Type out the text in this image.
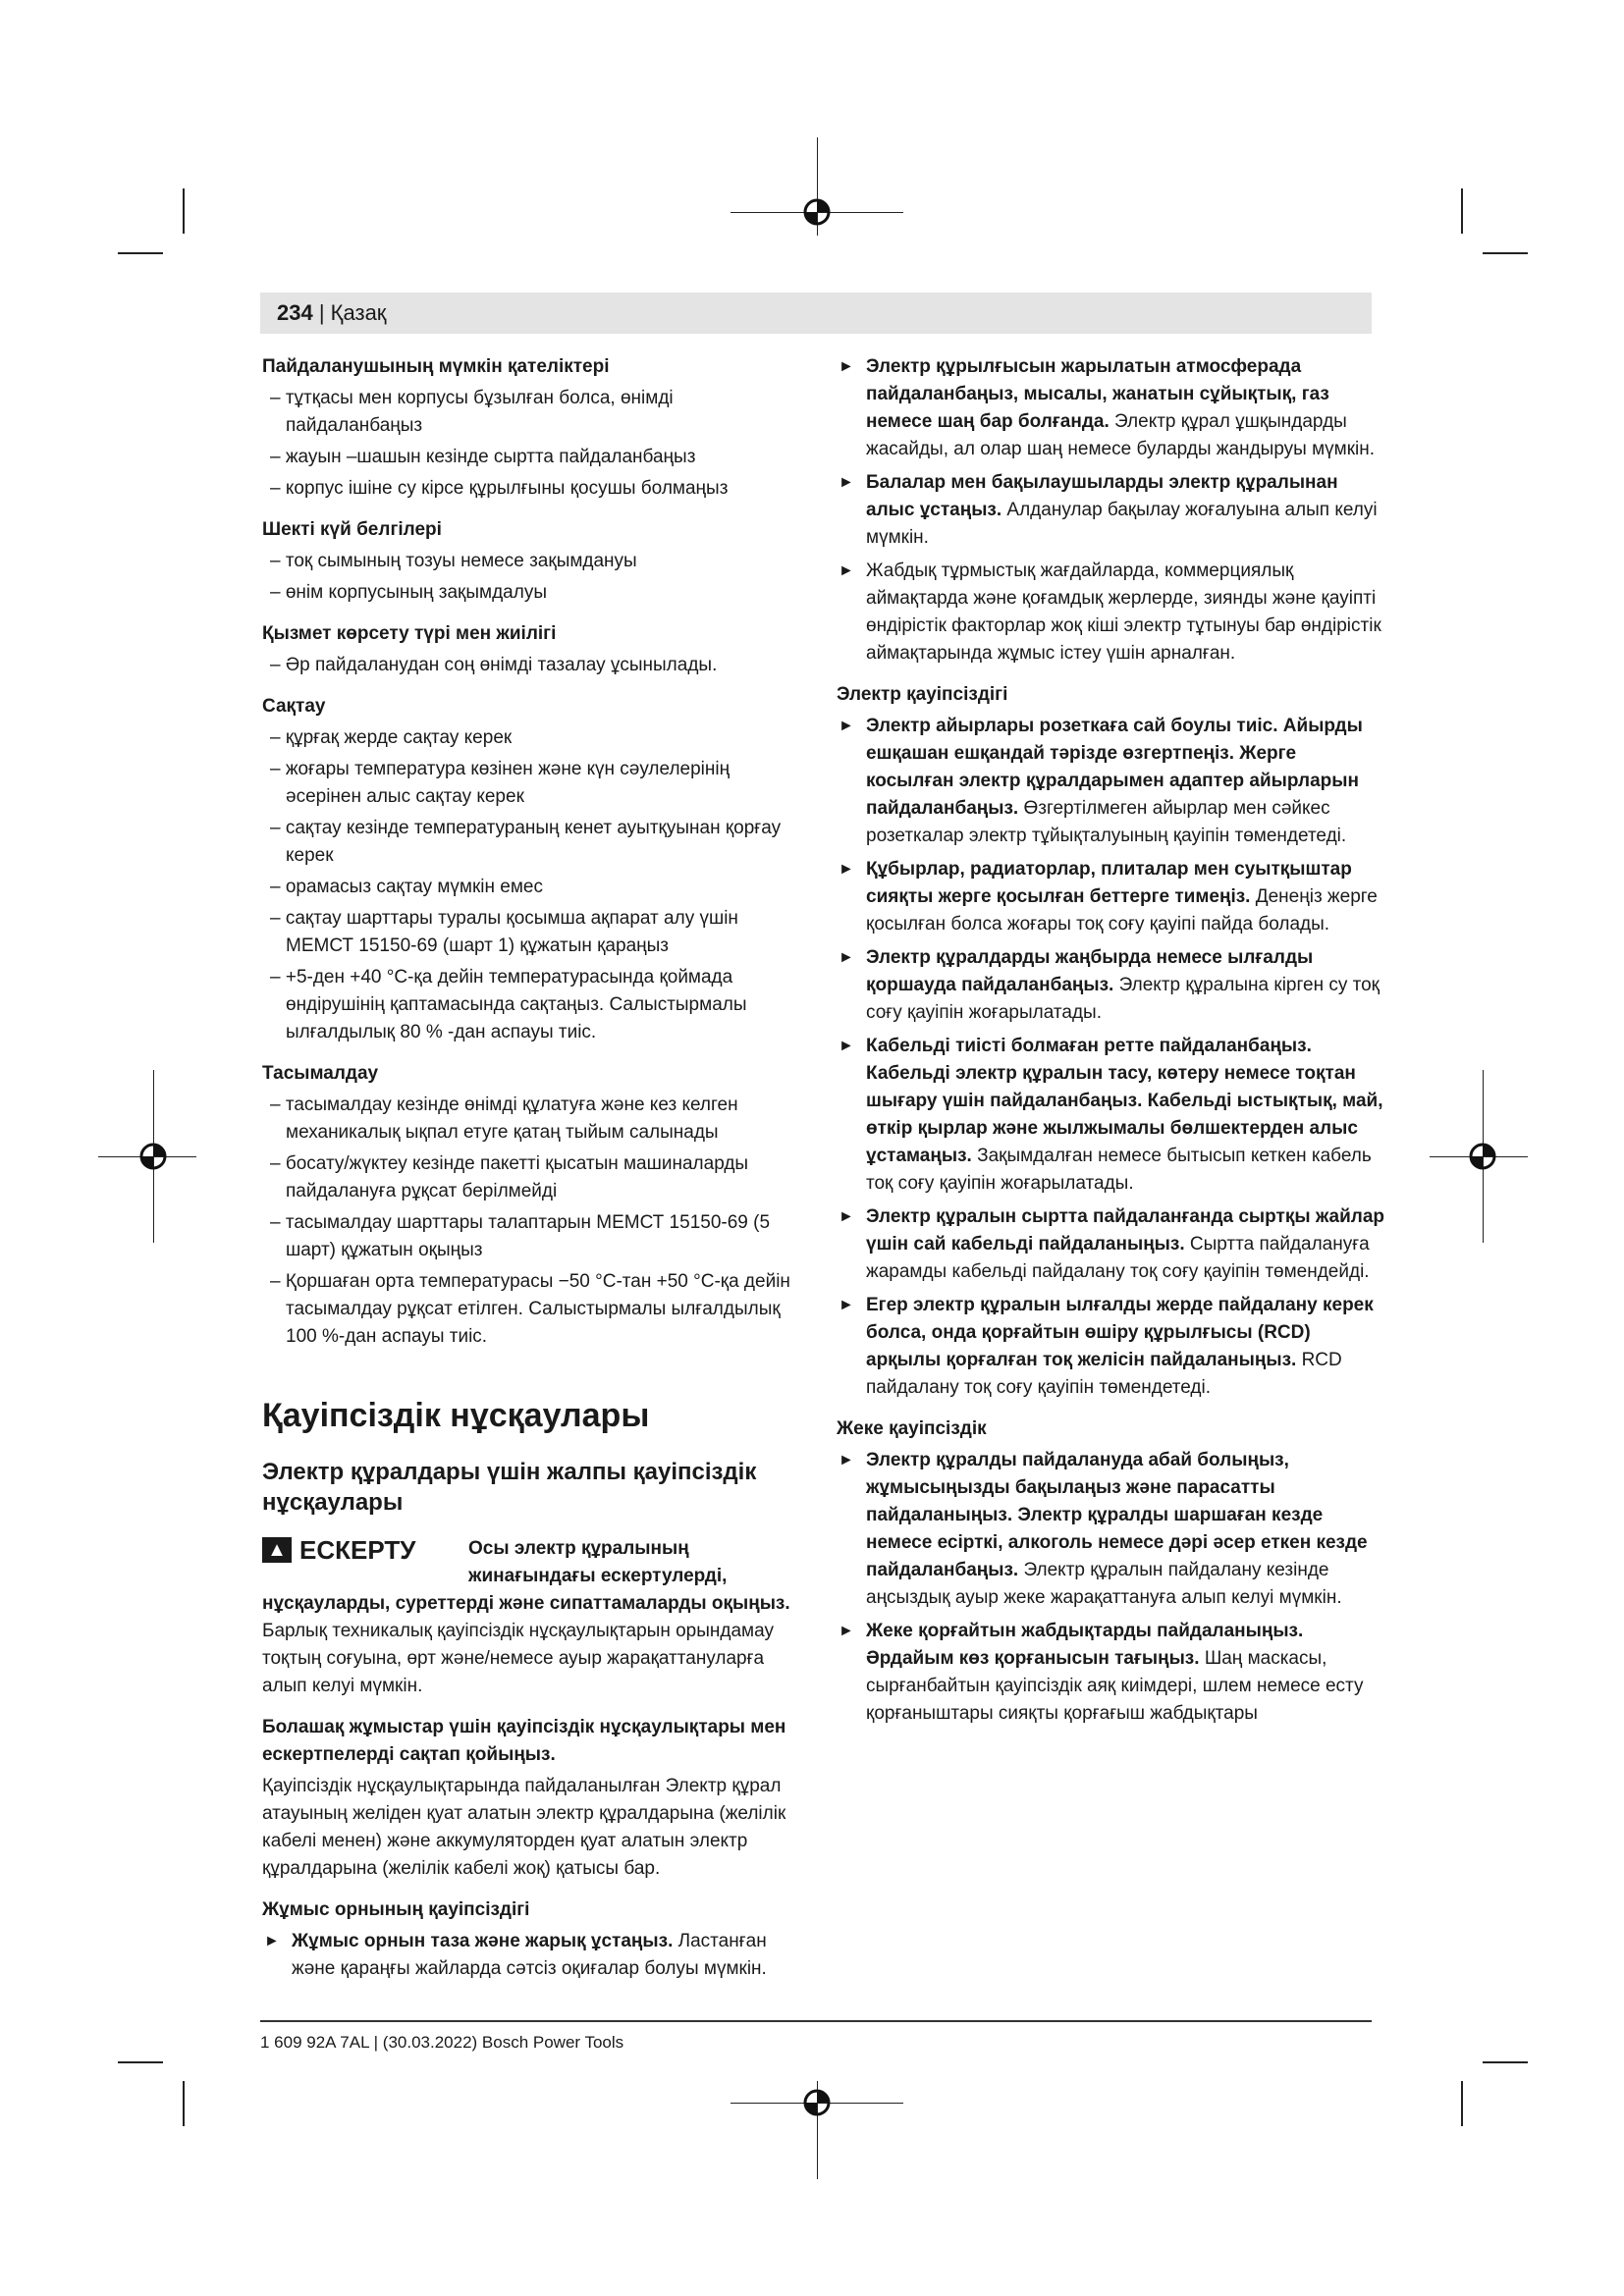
234 | Қазақ
Пайдаланушының мүмкін қателіктері
– тұтқасы мен корпусы бұзылған болса, өнімді пайдаланбаңыз
– жауын –шашын кезінде сыртта пайдаланбаңыз
– корпус ішіне су кірсе құрылғыны қосушы болмаңыз
Шекті күй белгілері
– тоқ сымының тозуы немесе зақымдануы
– өнім корпусының зақымдалуы
Қызмет көрсету түрі мен жиілігі
– Әр пайдаланудан соң өнімді тазалау ұсынылады.
Сақтау
– құрғақ жерде сақтау керек
– жоғары температура көзінен және күн сәулелерінің әсерінен алыс сақтау керек
– сақтау кезінде температураның кенет ауытқуынан қорғау керек
– орамасыз сақтау мүмкін емес
– сақтау шарттары туралы қосымша ақпарат алу үшін МЕМСТ 15150-69 (шарт 1) құжатын қараңыз
– +5-ден +40 °C-қа дейін температурасында қоймада өндірушінің қаптамасында сақтаңыз. Салыстырмалы ылғалдылық 80 % -дан аспауы тиіс.
Тасымалдау
– тасымалдау кезінде өнімді құлатуға және кез келген механикалық ықпал етуге қатаң тыйым салынады
– босату/жүктеу кезінде пакетті қысатын машиналарды пайдалануға рұқсат берілмейді
– тасымалдау шарттары талаптарын МЕМСТ 15150-69 (5 шарт) құжатын оқыңыз
– Қоршаған орта температурасы −50 °C-тан +50 °C-қа дейін тасымалдау рұқсат етілген. Салыстырмалы ылғалдылық 100 %-дан аспауы тиіс.
Қауіпсіздік нұсқаулары
Электр құралдары үшін жалпы қауіпсіздік нұсқаулары
▲ ЕСКЕРТУ	Осы электр құралының жинағындағы ескертулерді,
нұсқауларды, суреттерді және сипаттамаларды оқыңыз. Барлық техникалық қауіпсіздік нұсқаулықтарын орындамау тоқтың соғуына, өрт және/немесе ауыр жарақаттануларға алып келуі мүмкін.
Болашақ жұмыстар үшін қауіпсіздік нұсқаулықтары мен ескертпелерді сақтап қойыңыз.
Қауіпсіздік нұсқаулықтарында пайдаланылған Электр құрал атауының желіден қуат алатын электр құралдарына (желілік кабелі менен) және аккумуляторден қуат алатын электр құралдарына (желілік кабелі жоқ) қатысы бар.
Жұмыс орнының қауіпсіздігі
► Жұмыс орнын таза және жарық ұстаңыз. Ластанған және қараңғы жайларда сәтсіз оқиғалар болуы мүмкін.
► Электр құрылғысын жарылатын атмосферада пайдаланбаңыз, мысалы, жанатын сұйықтық, газ немесе шаң бар болғанда. Электр құрал ұшқындарды жасайды, ал олар шаң немесе буларды жандыруы мүмкін.
► Балалар мен бақылаушыларды электр құралынан алыс ұстаңыз. Алданулар бақылау жоғалуына алып келуі мүмкін.
► Жабдық тұрмыстық жағдайларда, коммерциялық аймақтарда және қоғамдық жерлерде, зиянды және қауіпті өндірістік факторлар жоқ кіші электр тұтынуы бар өндірістік аймақтарында жұмыс істеу үшін арналған.
Электр қауіпсіздігі
► Электр айырлары розеткаға сай боулы тиіс. Айырды ешқашан ешқандай тәрізде өзгертпеңіз. Жерге косылған электр құралдарымен адаптер айырларын пайдаланбаңыз. Өзгертілмеген айырлар мен сәйкес розеткалар электр тұйықталуының қауіпін төмендетеді.
► Құбырлар, радиаторлар, плиталар мен суытқыштар сияқты жерге қосылған беттерге тимеңіз. Денеңіз жерге қосылған болса жоғары тоқ соғу қауіпі пайда болады.
► Электр құралдарды жаңбырда немесе ылғалды қоршауда пайдаланбаңыз. Электр құралына кірген су тоқ соғу қауіпін жоғарылатады.
► Кабельді тиісті болмаған ретте пайдаланбаңыз. Кабельді электр құралын тасу, көтеру немесе тоқтан шығару үшін пайдаланбаңыз. Кабельді ыстықтық, май, өткір қырлар және жылжымалы бөлшектерден алыс ұстамаңыз. Зақымдалған немесе бытысып кеткен кабель тоқ соғу қауіпін жоғарылатады.
► Электр құралын сыртта пайдаланғанда сыртқы жайлар үшін сай кабельді пайдаланыңыз. Сыртта пайдалануға жарамды кабельді пайдалану тоқ соғу қауіпін төмендейді.
► Егер электр құралын ылғалды жерде пайдалану керек болса, онда қорғайтын өшіру құрылғысы (RCD) арқылы қорғалған тоқ желісін пайдаланыңыз. RCD пайдалану тоқ соғу қауіпін төмендетеді.
Жеке қауіпсіздік
► Электр құралды пайдалануда абай болыңыз, жұмысыңызды бақылаңыз және парасатты пайдаланыңыз. Электр құралды шаршаған кезде немесе есірткі, алкоголь немесе дәрі әсер еткен кезде пайдаланбаңыз. Электр құралын пайдалану кезінде аңсыздық ауыр жеке жарақаттануға алып келуі мүмкін.
► Жеке қорғайтын жабдықтарды пайдаланыңыз. Әрдайым көз қорғанысын тағыңыз. Шаң маскасы, сырғанбайтын қауіпсіздік аяқ киімдері, шлем немесе есту қорғаныштары сияқты қорғағыш жабдықтары
1 609 92A 7AL | (30.03.2022) Bosch Power Tools
